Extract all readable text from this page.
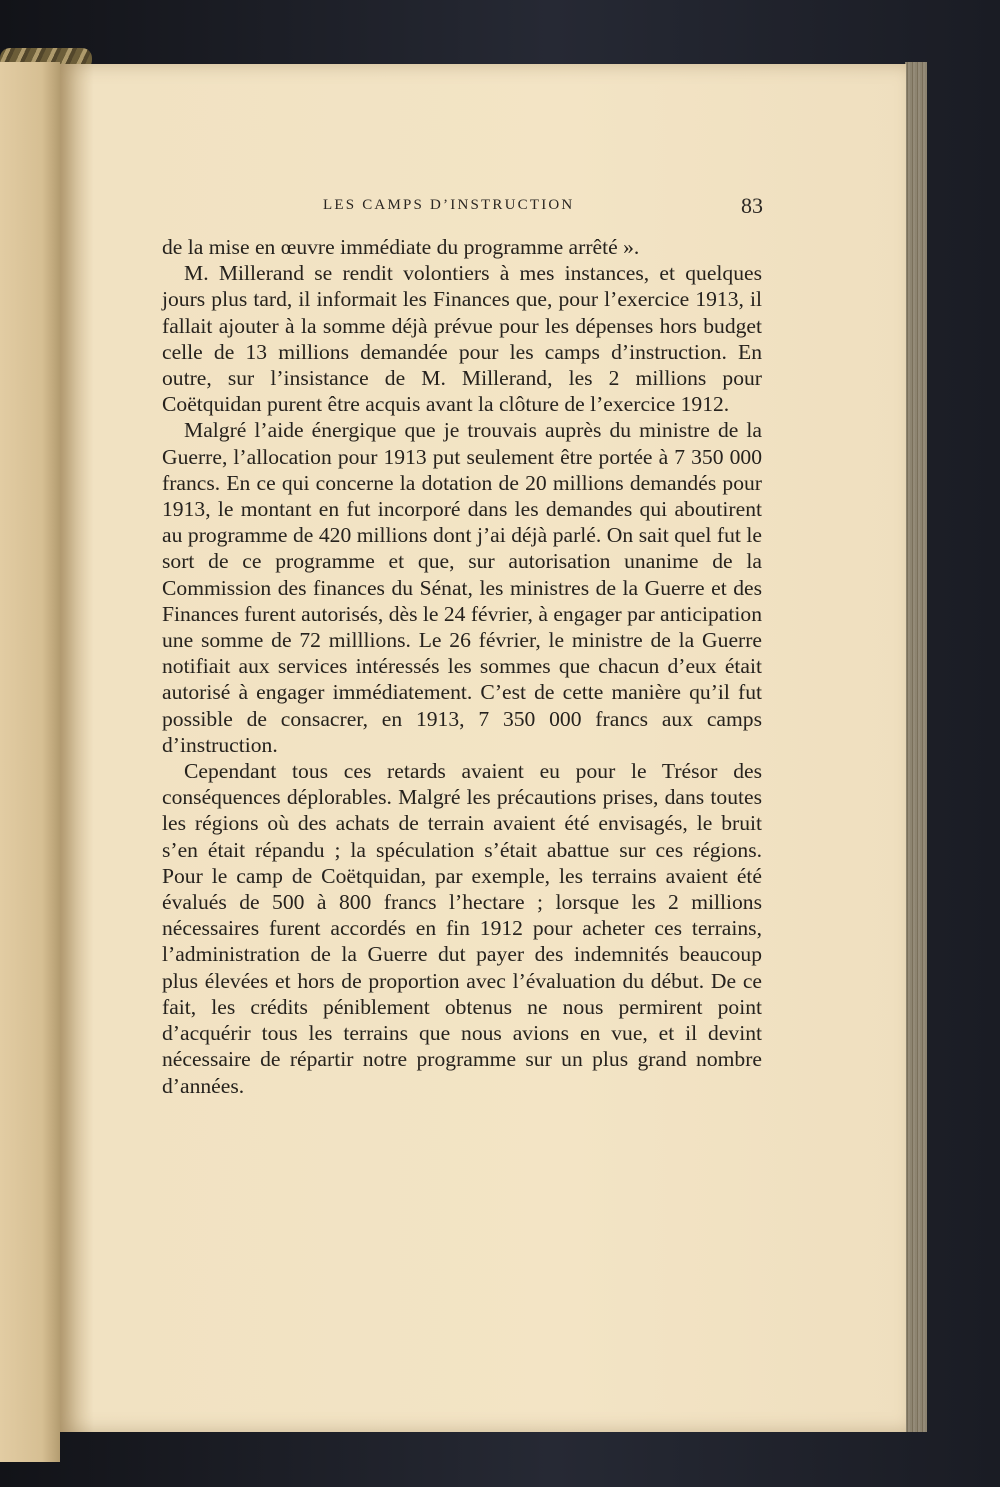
LES CAMPS D’INSTRUCTION	83

de la mise en œuvre immédiate du programme arrêté ».

M. Millerand se rendit volontiers à mes instances, et quelques jours plus tard, il informait les Finances que, pour l’exercice 1913, il fallait ajouter à la somme déjà prévue pour les dépenses hors budget celle de 13 millions demandée pour les camps d’instruction. En outre, sur l’insistance de M. Millerand, les 2 millions pour Coëtquidan purent être acquis avant la clôture de l’exercice 1912.

Malgré l’aide énergique que je trouvais auprès du ministre de la Guerre, l’allocation pour 1913 put seulement être portée à 7 350 000 francs. En ce qui concerne la dotation de 20 millions demandés pour 1913, le montant en fut incorporé dans les demandes qui aboutirent au programme de 420 millions dont j’ai déjà parlé. On sait quel fut le sort de ce programme et que, sur autorisation unanime de la Commission des finances du Sénat, les ministres de la Guerre et des Finances furent autorisés, dès le 24 février, à engager par anticipation une somme de 72 milllions. Le 26 février, le ministre de la Guerre notifiait aux services intéressés les sommes que chacun d’eux était autorisé à engager immédiatement. C’est de cette manière qu’il fut possible de consacrer, en 1913, 7 350 000 francs aux camps d’instruction.

Cependant tous ces retards avaient eu pour le Trésor des conséquences déplorables. Malgré les précautions prises, dans toutes les régions où des achats de terrain avaient été envisagés, le bruit s’en était répandu ; la spéculation s’était abattue sur ces régions. Pour le camp de Coëtquidan, par exemple, les terrains avaient été évalués de 500 à 800 francs l’hectare ; lorsque les 2 millions nécessaires furent accordés en fin 1912 pour acheter ces terrains, l’administration de la Guerre dut payer des indemnités beaucoup plus élevées et hors de proportion avec l’évaluation du début. De ce fait, les crédits péniblement obtenus ne nous permirent point d’acquérir tous les terrains que nous avions en vue, et il devint nécessaire de répartir notre programme sur un plus grand nombre d’années.
